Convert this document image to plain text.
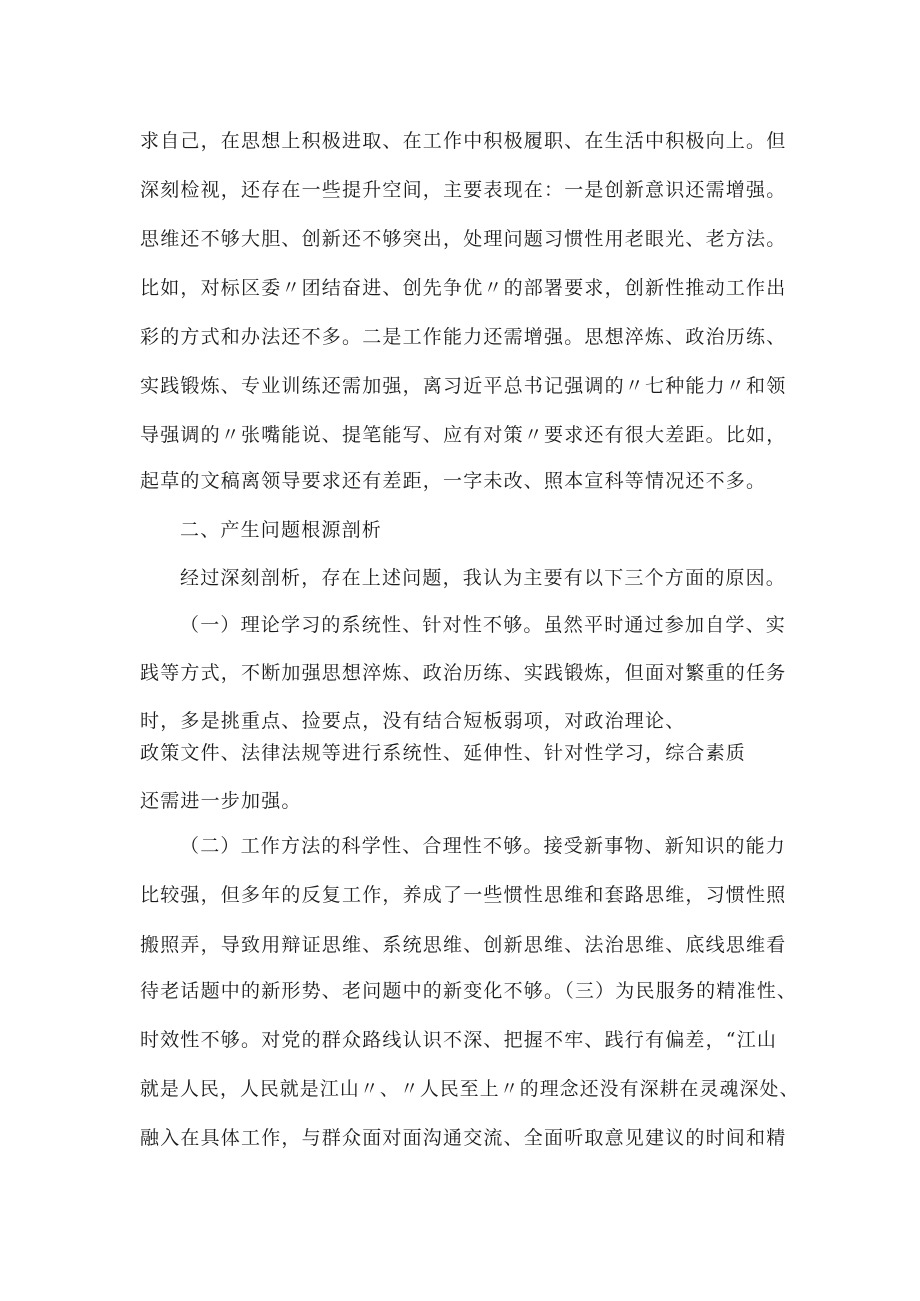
求自己，在思想上积极进取、在工作中积极履职、在生活中积极向上。但
深刻检视，还存在一些提升空间，主要表现在：一是创新意识还需增强。
思维还不够大胆、创新还不够突出，处理问题习惯性用老眼光、老方法。
比如，对标区委〃团结奋进、创先争优〃的部署要求，创新性推动工作出
彩的方式和办法还不多。二是工作能力还需增强。思想淬炼、政治历练、
实践锻炼、专业训练还需加强，离习近平总书记强调的〃七种能力〃和领
导强调的〃张嘴能说、提笔能写、应有对策〃要求还有很大差距。比如，
起草的文稿离领导要求还有差距，一字未改、照本宣科等情况还不多。
二、产生问题根源剖析
经过深刻剖析，存在上述问题，我认为主要有以下三个方面的原因。
（一）理论学习的系统性、针对性不够。虽然平时通过参加自学、实
践等方式，不断加强思想淬炼、政治历练、实践锻炼，但面对繁重的任务
时，多是挑重点、捡要点，没有结合短板弱项，对政治理论、
政策文件、法律法规等进行系统性、延伸性、针对性学习，综合素质
还需进一步加强。
（二）工作方法的科学性、合理性不够。接受新事物、新知识的能力
比较强，但多年的反复工作，养成了一些惯性思维和套路思维，习惯性照
搬照弄，导致用辩证思维、系统思维、创新思维、法治思维、底线思维看
待老话题中的新形势、老问题中的新变化不够。（三）为民服务的精准性、
时效性不够。对党的群众路线认识不深、把握不牢、践行有偏差，“江山
就是人民，人民就是江山〃、〃人民至上〃的理念还没有深耕在灵魂深处、
融入在具体工作，与群众面对面沟通交流、全面听取意见建议的时间和精
